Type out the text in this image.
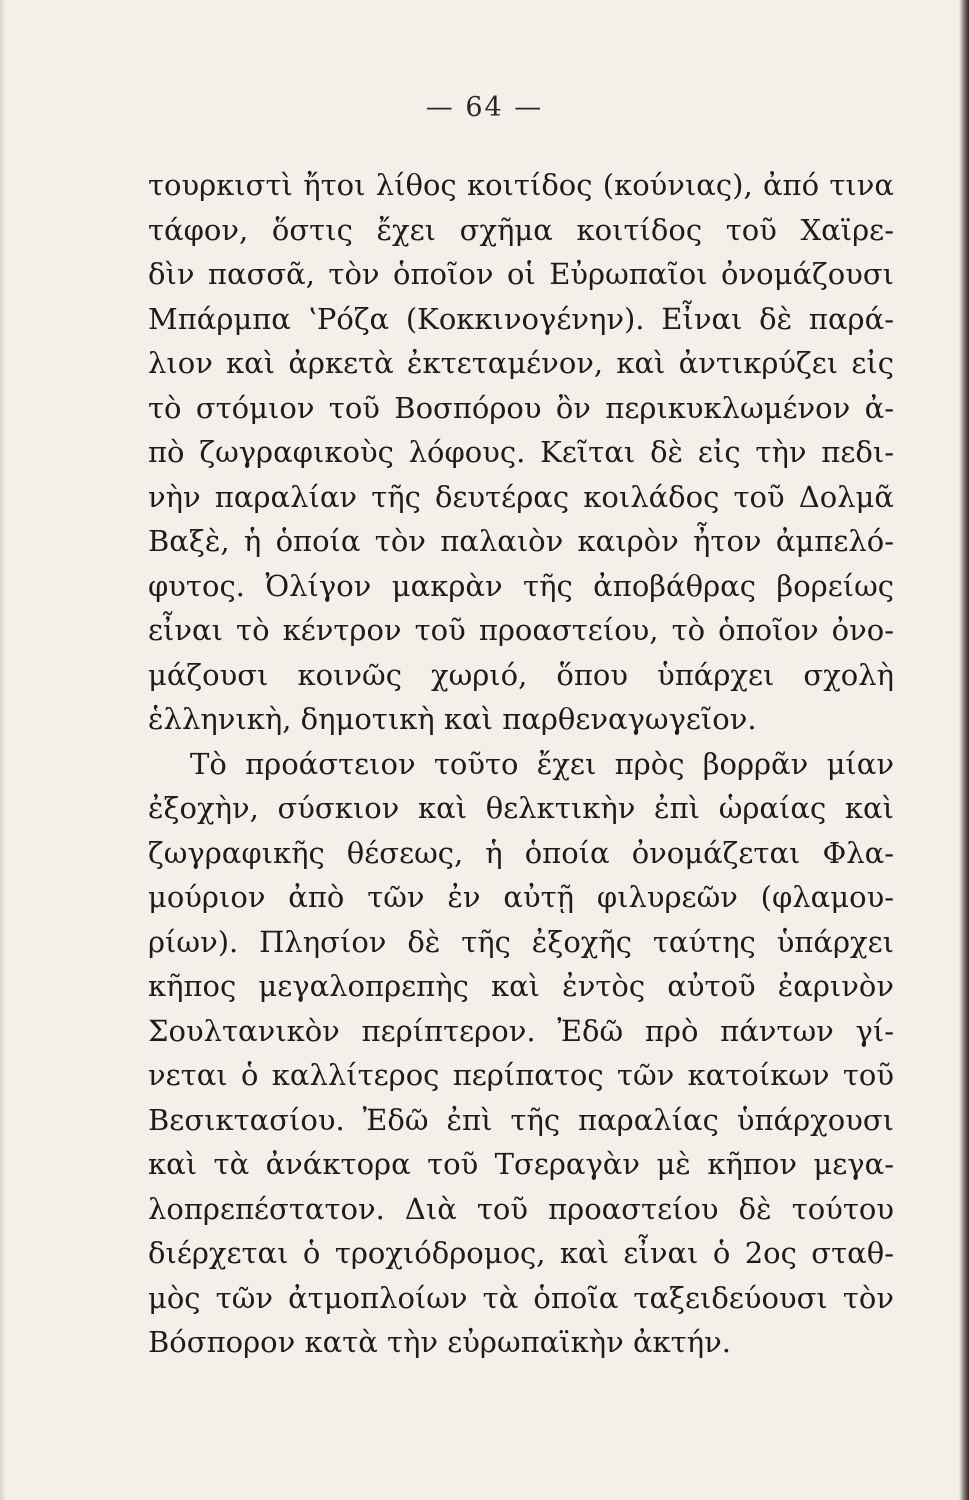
— 64 —
τουρκιστὶ ἤτοι λίθος κοιτίδος (κούνιας), ἀπό τινα
τάφον, ὅστις ἔχει σχῆμα κοιτίδος τοῦ Χαϊρε-
δὶν πασσᾶ, τὸν ὁποῖον οἱ Εὐρωπαῖοι ὀνομάζουσι
Μπάρμπα ʽΡόζα (Κοκκινογένην). Εἶναι δὲ παρά-
λιον καὶ ἀρκετὰ ἐκτεταμένον, καὶ ἀντικρύζει εἰς
τὸ στόμιον τοῦ Βοσπόρου ὂν περικυκλωμένον ἀ-
πὸ ζωγραφικοὺς λόφους. Κεῖται δὲ εἰς τὴν πεδι-
νὴν παραλίαν τῆς δευτέρας κοιλάδος τοῦ Δολμᾶ
Βαξὲ, ἡ ὁποία τὸν παλαιὸν καιρὸν ἦτον ἀμπελό-
φυτος. Ὀλίγον μακρὰν τῆς ἀποβάθρας βορείως
εἶναι τὸ κέντρον τοῦ προαστείου, τὸ ὁποῖον ὀνο-
μάζουσι κοινῶς χωριό, ὅπου ὑπάρχει σχολὴ
ἑλληνικὴ, δημοτικὴ καὶ παρθεναγωγεῖον.
Τὸ προάστειον τοῦτο ἔχει πρὸς βορρᾶν μίαν
ἐξοχὴν, σύσκιον καὶ θελκτικὴν ἐπὶ ὡραίας καὶ
ζωγραφικῆς θέσεως, ἡ ὁποία ὀνομάζεται Φλα-
μούριον ἀπὸ τῶν ἐν αὐτῇ φιλυρεῶν (φλαμου-
ρίων). Πλησίον δὲ τῆς ἐξοχῆς ταύτης ὑπάρχει
κῆπος μεγαλοπρεπὴς καὶ ἐντὸς αὐτοῦ ἐαρινὸν
Σουλτανικὸν περίπτερον. Ἐδῶ πρὸ πάντων γί-
νεται ὁ καλλίτερος περίπατος τῶν κατοίκων τοῦ
Βεσικτασίου. Ἐδῶ ἐπὶ τῆς παραλίας ὑπάρχουσι
καὶ τὰ ἀνάκτορα τοῦ Τσεραγὰν μὲ κῆπον μεγα-
λοπρεπέστατον. Διὰ τοῦ προαστείου δὲ τούτου
διέρχεται ὁ τροχιόδρομος, καὶ εἶναι ὁ 2ος σταθ-
μὸς τῶν ἀτμοπλοίων τὰ ὁποῖα ταξειδεύουσι τὸν
Βόσπορον κατὰ τὴν εὐρωπαϊκὴν ἀκτήν.
